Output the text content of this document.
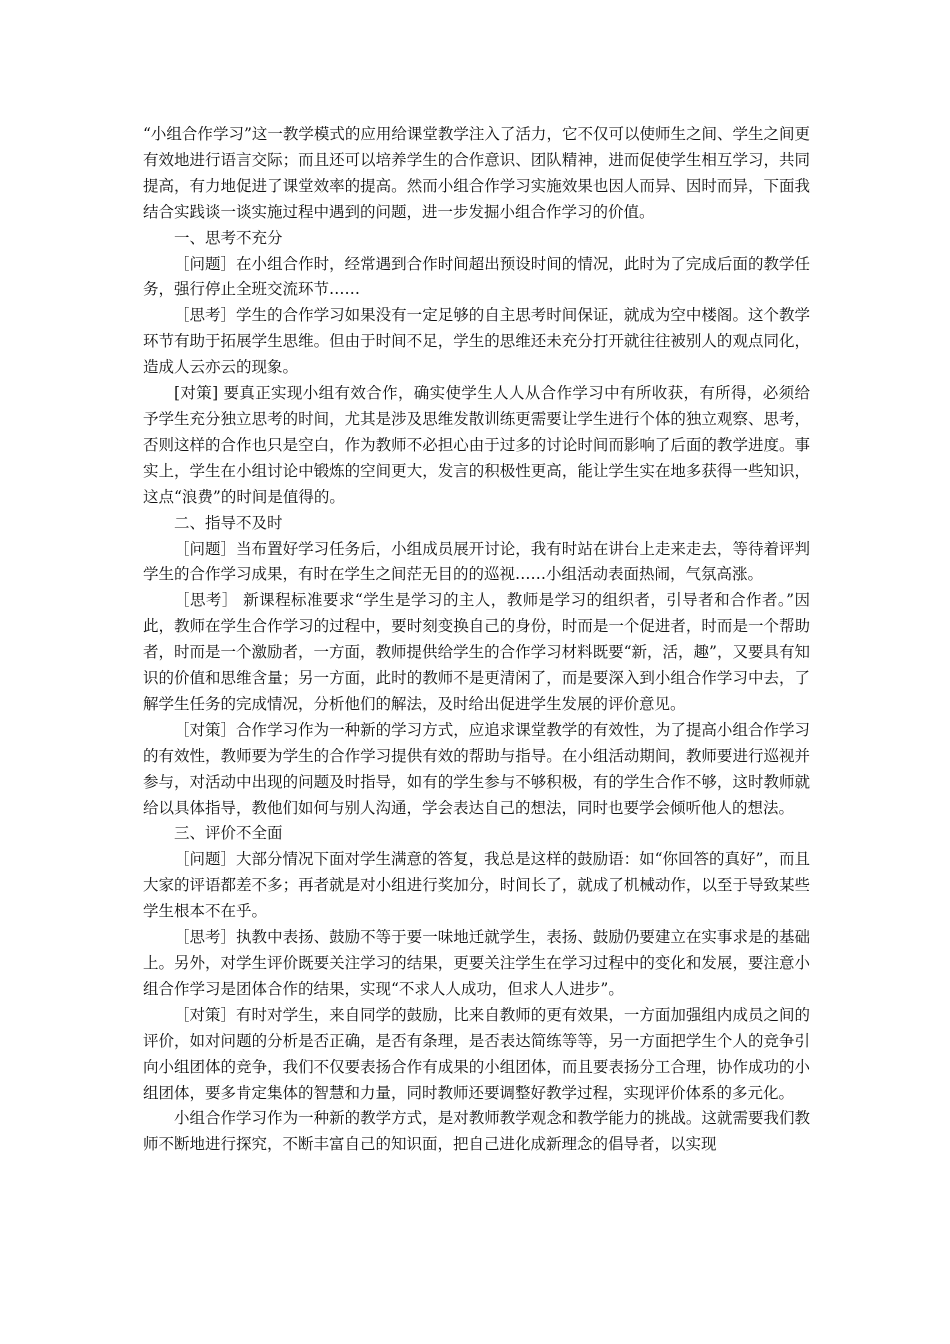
“小组合作学习”这一教学模式的应用给课堂教学注入了活力，它不仅可以使师生之间、学生之间更有效地进行语言交际；而且还可以培养学生的合作意识、团队精神，进而促使学生相互学习，共同提高，有力地促进了课堂效率的提高。然而小组合作学习实施效果也因人而异、因时而异，下面我结合实践谈一谈实施过程中遇到的问题，进一步发掘小组合作学习的价值。

一、思考不充分

［问题］在小组合作时，经常遇到合作时间超出预设时间的情况，此时为了完成后面的教学任务，强行停止全班交流环节……

［思考］学生的合作学习如果没有一定足够的自主思考时间保证，就成为空中楼阁。这个教学环节有助于拓展学生思维。但由于时间不足，学生的思维还未充分打开就往往被别人的观点同化，造成人云亦云的现象。

[对策] 要真正实现小组有效合作，确实使学生人人从合作学习中有所收获，有所得，必须给予学生充分独立思考的时间，尤其是涉及思维发散训练更需要让学生进行个体的独立观察、思考，否则这样的合作也只是空白，作为教师不必担心由于过多的讨论时间而影响了后面的教学进度。事实上，学生在小组讨论中锻炼的空间更大，发言的积极性更高，能让学生实在地多获得一些知识，这点“浪费”的时间是值得的。

二、指导不及时

［问题］当布置好学习任务后，小组成员展开讨论，我有时站在讲台上走来走去，等待着评判学生的合作学习成果，有时在学生之间茫无目的的巡视……小组活动表面热闹，气氛高涨。

［思考］ 新课程标准要求“学生是学习的主人，教师是学习的组织者，引导者和合作者。”因此，教师在学生合作学习的过程中，要时刻变换自己的身份，时而是一个促进者，时而是一个帮助者，时而是一个激励者，一方面，教师提供给学生的合作学习材料既要“新，活，趣”，又要具有知识的价值和思维含量；另一方面，此时的教师不是更清闲了，而是要深入到小组合作学习中去，了解学生任务的完成情况，分析他们的解法，及时给出促进学生发展的评价意见。

［对策］合作学习作为一种新的学习方式，应追求课堂教学的有效性，为了提高小组合作学习的有效性，教师要为学生的合作学习提供有效的帮助与指导。在小组活动期间，教师要进行巡视并参与，对活动中出现的问题及时指导，如有的学生参与不够积极，有的学生合作不够，这时教师就给以具体指导，教他们如何与别人沟通，学会表达自己的想法，同时也要学会倾听他人的想法。

三、评价不全面

［问题］大部分情况下面对学生满意的答复，我总是这样的鼓励语：如“你回答的真好”，而且大家的评语都差不多；再者就是对小组进行奖加分，时间长了，就成了机械动作，以至于导致某些学生根本不在乎。

［思考］执教中表扬、鼓励不等于要一味地迁就学生，表扬、鼓励仍要建立在实事求是的基础上。另外，对学生评价既要关注学习的结果，更要关注学生在学习过程中的变化和发展，要注意小组合作学习是团体合作的结果，实现“不求人人成功，但求人人进步”。

［对策］有时对学生，来自同学的鼓励，比来自教师的更有效果，一方面加强组内成员之间的评价，如对问题的分析是否正确，是否有条理，是否表达简练等等，另一方面把学生个人的竞争引向小组团体的竞争，我们不仅要表扬合作有成果的小组团体，而且要表扬分工合理，协作成功的小组团体，要多肯定集体的智慧和力量，同时教师还要调整好教学过程，实现评价体系的多元化。

小组合作学习作为一种新的教学方式，是对教师教学观念和教学能力的挑战。这就需要我们教师不断地进行探究，不断丰富自己的知识面，把自己进化成新理念的倡导者，以实现
